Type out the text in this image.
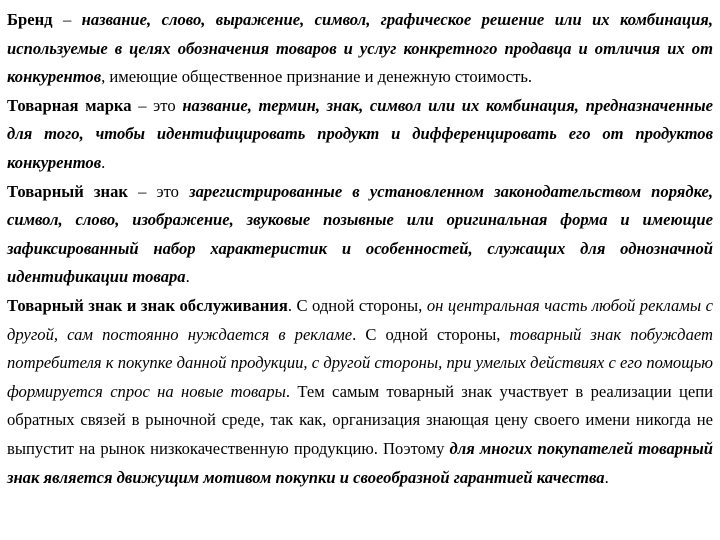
Бренд – название, слово, выражение, символ, графическое решение или их комбинация, используемые в целях обозначения товаров и услуг конкретного продавца и отличия их от конкурентов, имеющие общественное признание и денежную стоимость.

Товарная марка – это название, термин, знак, символ или их комбинация, предназначенные для того, чтобы идентифицировать продукт и дифференцировать его от продуктов конкурентов.

Товарный знак – это зарегистрированные в установленном законодательством порядке, символ, слово, изображение, звуковые позывные или оригинальная форма и имеющие зафиксированный набор характеристик и особенностей, служащих для однозначной идентификации товара.

Товарный знак и знак обслуживания. С одной стороны, он центральная часть любой рекламы с другой, сам постоянно нуждается в рекламе. С одной стороны, товарный знак побуждает потребителя к покупке данной продукции, с другой стороны, при умелых действиях с его помощью формируется спрос на новые товары. Тем самым товарный знак участвует в реализации цепи обратных связей в рыночной среде, так как, организация знающая цену своего имени никогда не выпустит на рынок низкокачественную продукцию. Поэтому для многих покупателей товарный знак является движущим мотивом покупки и своеобразной гарантией качества.
